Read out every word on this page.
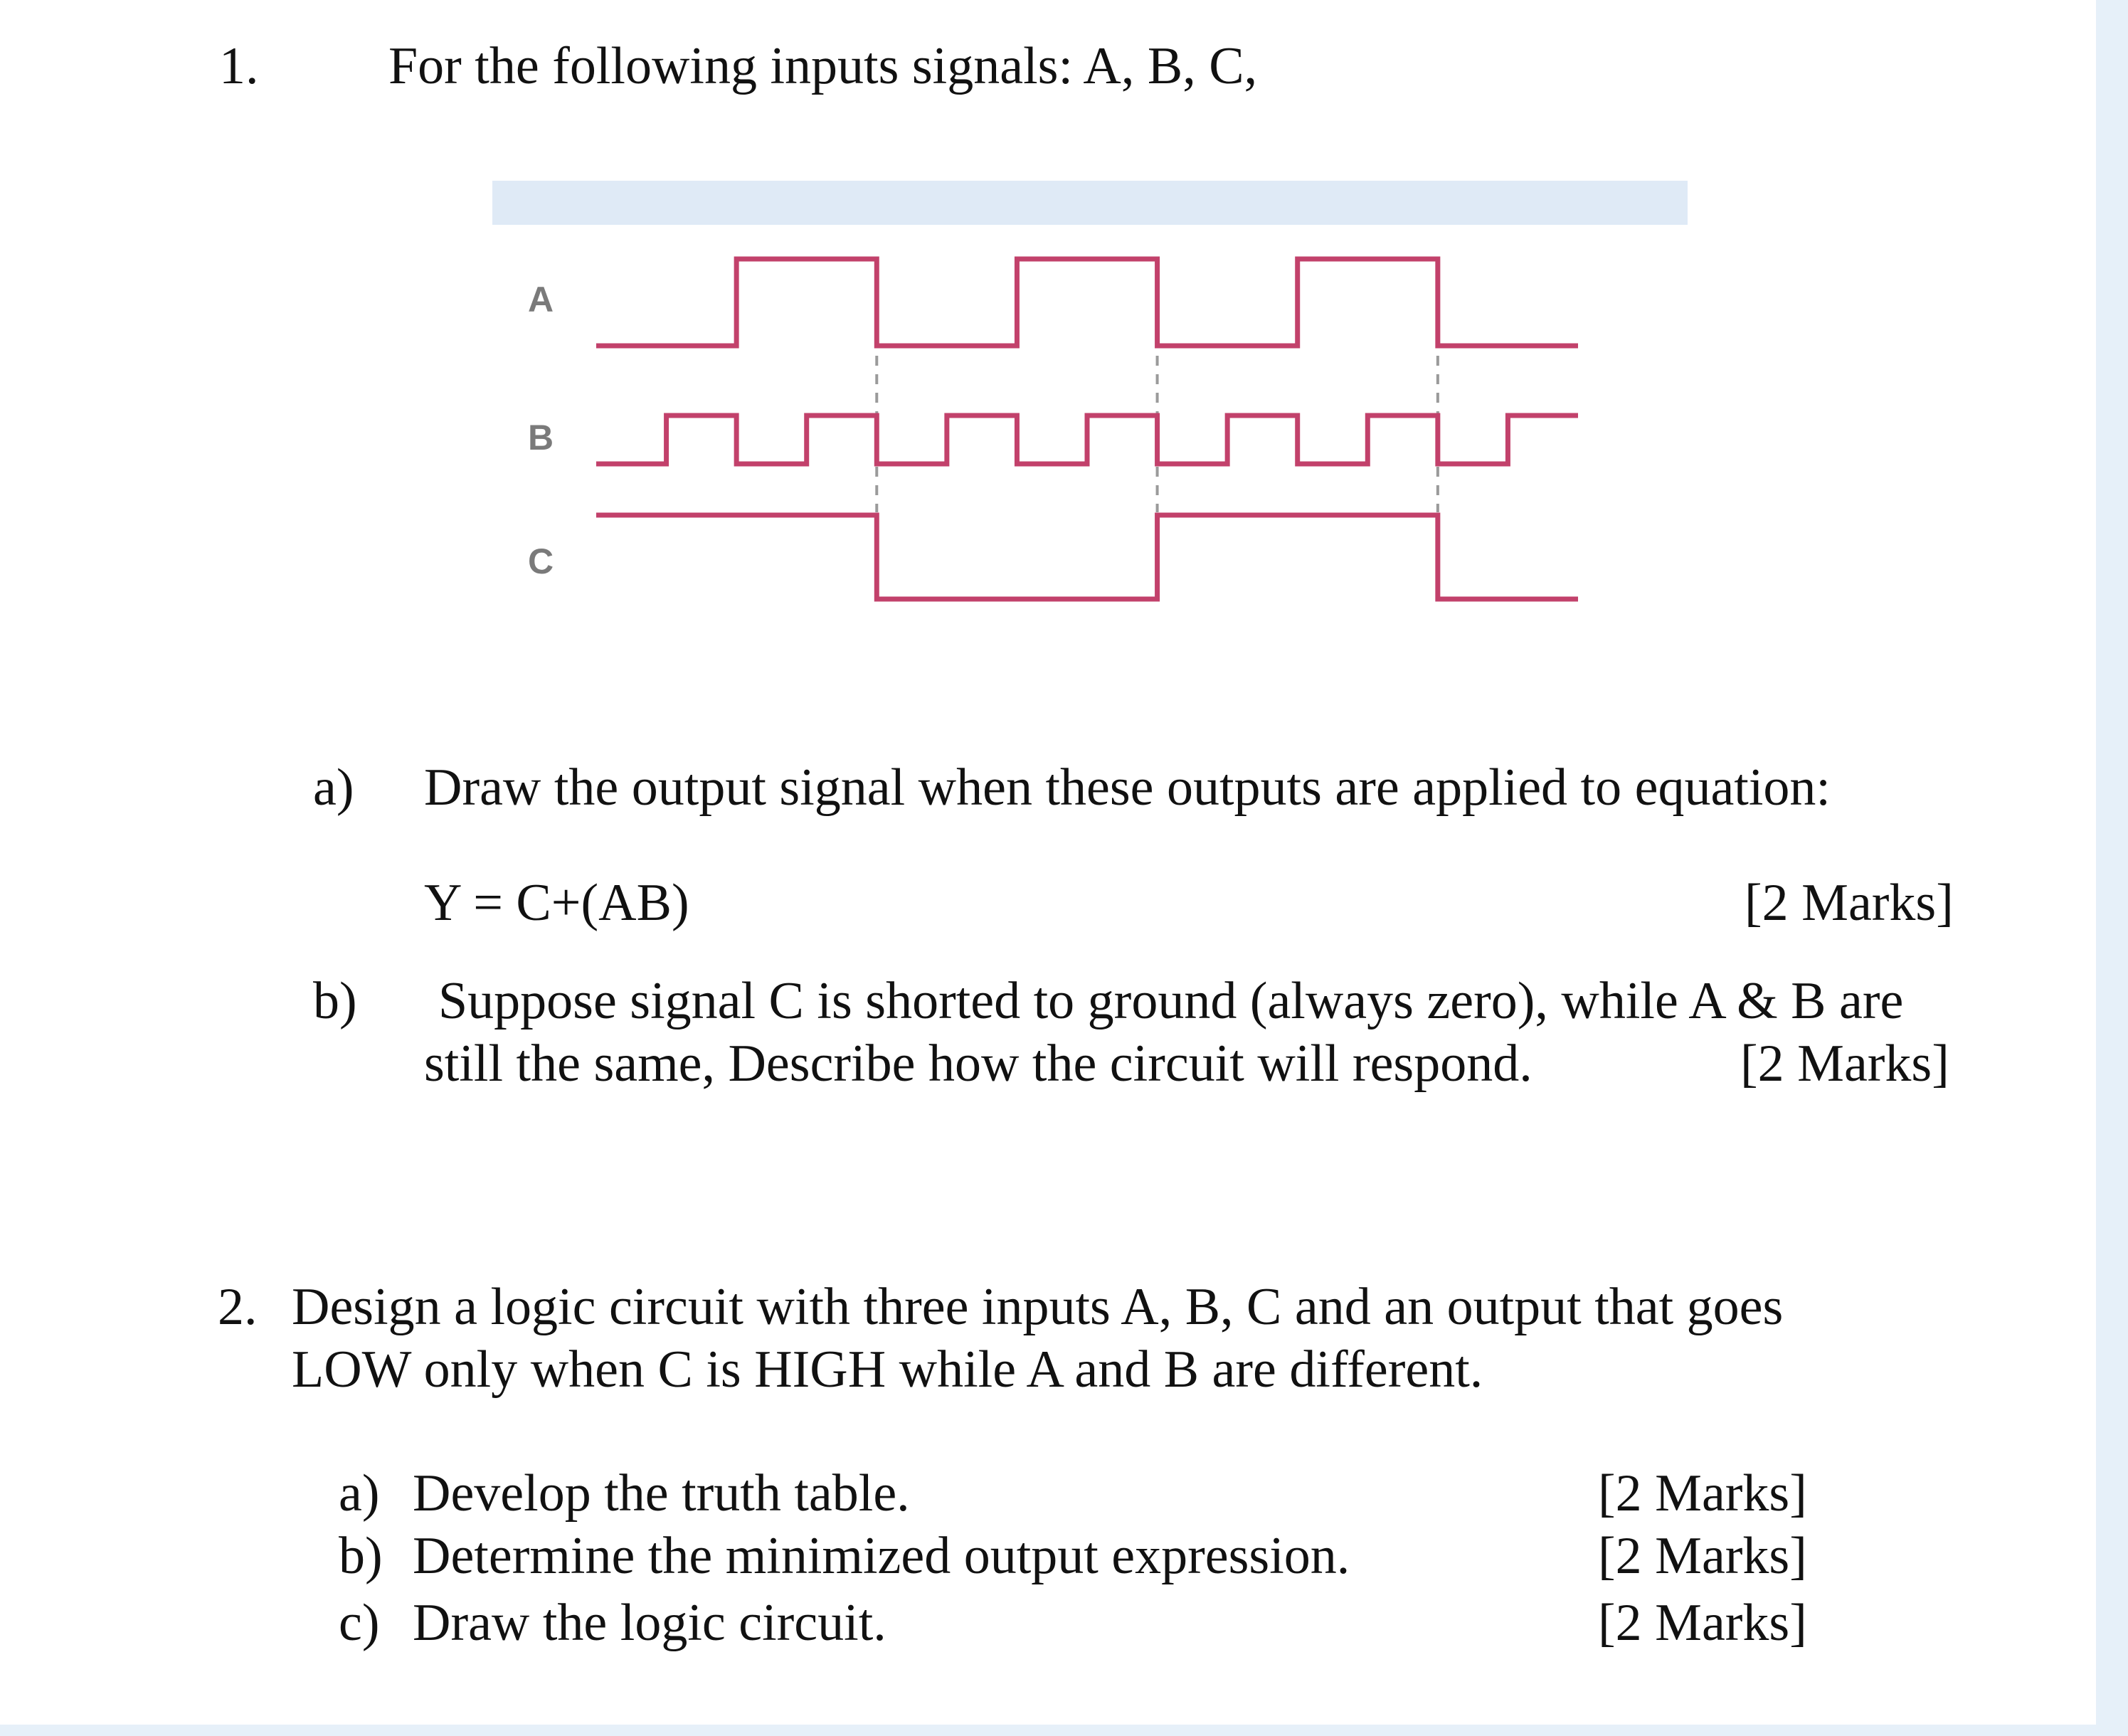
1. For the following inputs signals: A, B, C,
A
B
C
a) Draw the output signal when these outputs are applied to equation:
Y = C+(AB)	[2 Marks]
b) Suppose signal C is shorted to ground (always zero), while A & B are
still the same, Describe how the circuit will respond.	[2 Marks]
2. Design a logic circuit with three inputs A, B, C and an output that goes
LOW only when C is HIGH while A and B are different.
a) Develop the truth table.	[2 Marks]
b) Determine the minimized output expression.	[2 Marks]
c) Draw the logic circuit.	[2 Marks]
